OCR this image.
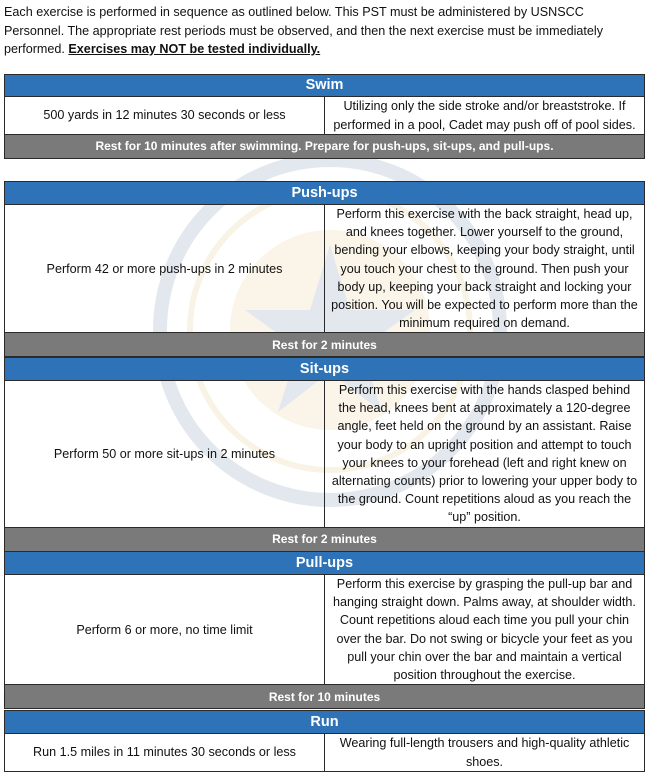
Each exercise is performed in sequence as outlined below. This PST must be administered by USNSCC Personnel. The appropriate rest periods must be observed, and then the next exercise must be immediately performed. Exercises may NOT be tested individually.

Swim
500 yards in 12 minutes 30 seconds or less	Utilizing only the side stroke and/or breaststroke. If performed in a pool, Cadet may push off of pool sides.
Rest for 10 minutes after swimming. Prepare for push-ups, sit-ups, and pull-ups.
Push-ups
Perform 42 or more push-ups in 2 minutes	Perform this exercise with the back straight, head up, and knees together. Lower yourself to the ground, bending your elbows, keeping your body straight, until you touch your chest to the ground. Then push your body up, keeping your back straight and locking your position. You will be expected to perform more than the minimum required on demand.
Rest for 2 minutes
Sit-ups
Perform 50 or more sit-ups in 2 minutes	Perform this exercise with the hands clasped behind the head, knees bent at approximately a 120-degree angle, feet held on the ground by an assistant. Raise your body to an upright position and attempt to touch your knees to your forehead (left and right knew on alternating counts) prior to lowering your upper body to the ground. Count repetitions aloud as you reach the “up” position.
Rest for 2 minutes
Pull-ups
Perform 6 or more, no time limit	Perform this exercise by grasping the pull-up bar and hanging straight down. Palms away, at shoulder width. Count repetitions aloud each time you pull your chin over the bar. Do not swing or bicycle your feet as you pull your chin over the bar and maintain a vertical position throughout the exercise.
Rest for 10 minutes
Run
Run 1.5 miles in 11 minutes 30 seconds or less	Wearing full-length trousers and high-quality athletic shoes.
